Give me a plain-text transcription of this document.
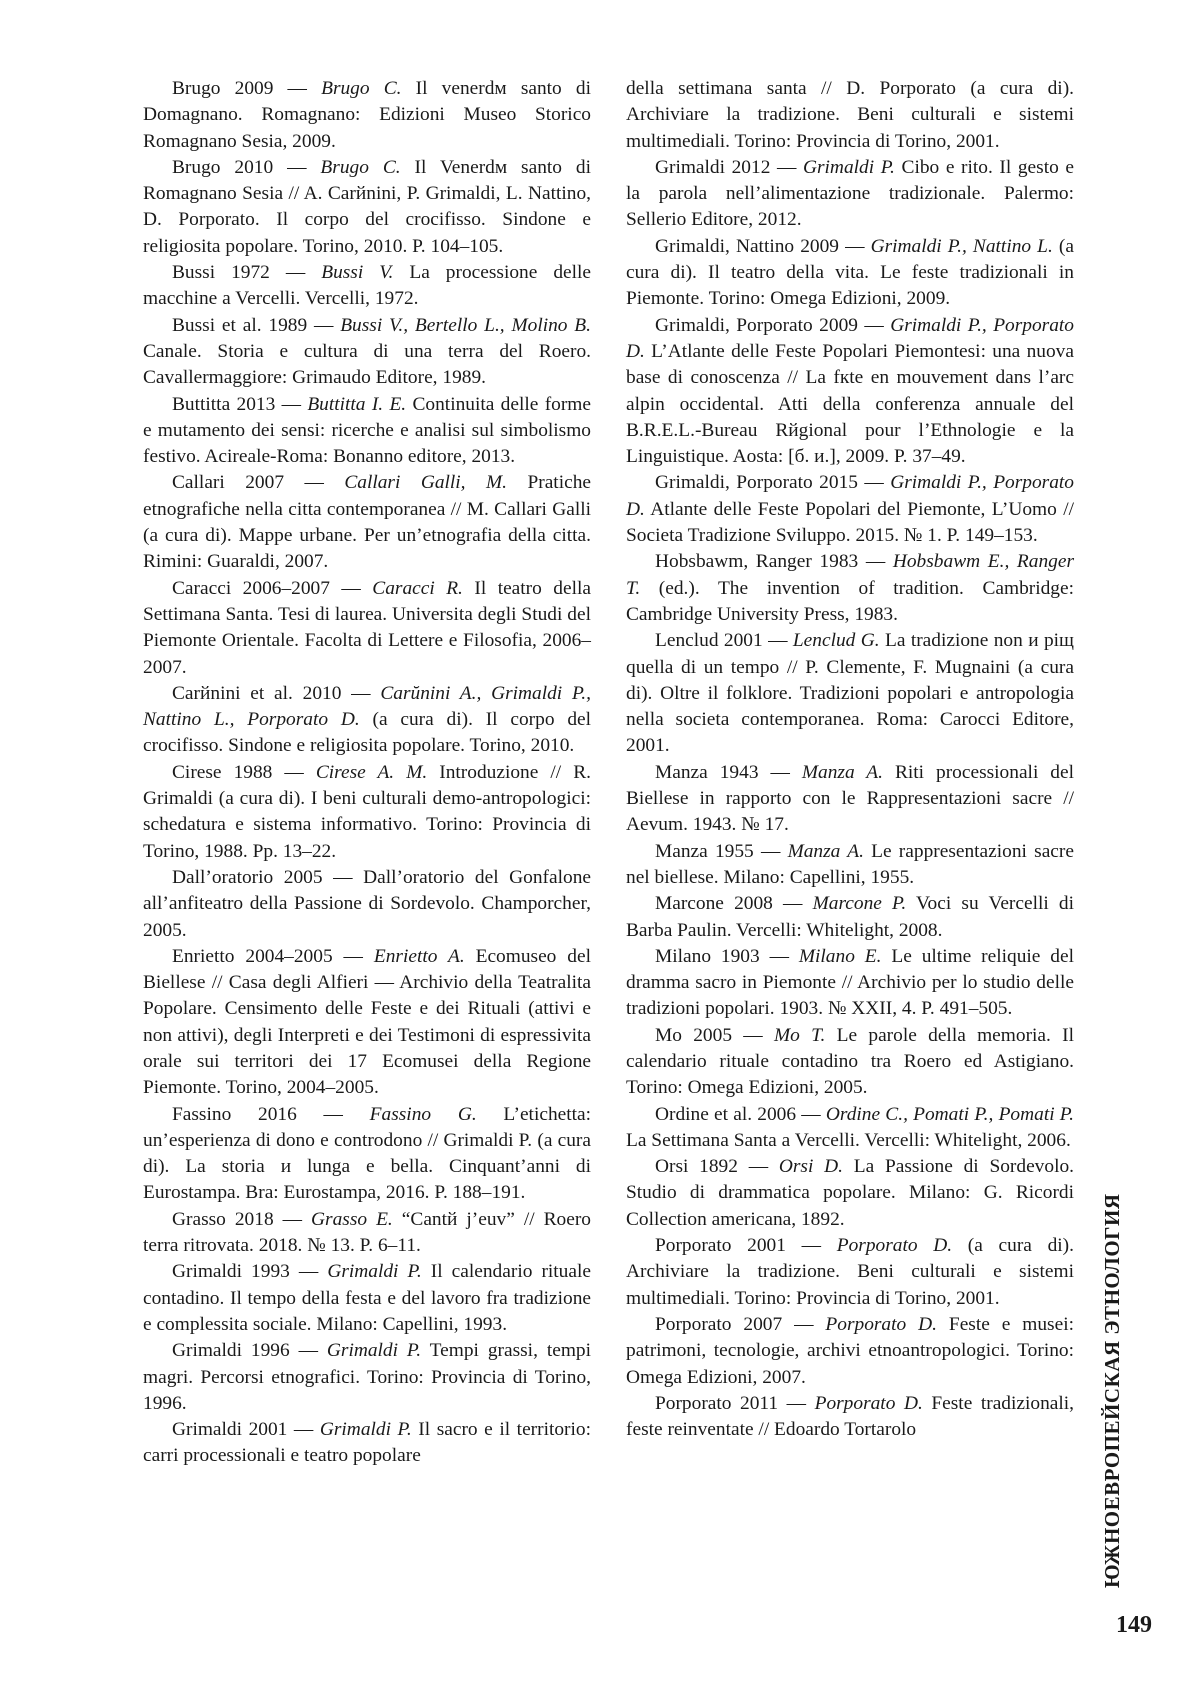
Brugo 2009 — Brugo C. Il venerdм santo di Domagnano. Romagnano: Edizioni Museo Storico Romagnano Sesia, 2009.

Brugo 2010 — Brugo C. Il Venerdм santo di Romagnano Sesia // A. Carйnini, P. Grimaldi, L. Nattino, D. Porporato. Il corpo del crocifisso. Sindone e religiosita popolare. Torino, 2010. P. 104–105.

Bussi 1972 — Bussi V. La processione delle macchine a Vercelli. Vercelli, 1972.

Bussi et al. 1989 — Bussi V., Bertello L., Molino B. Canale. Storia e cultura di una terra del Roero. Cavallermaggiore: Grimaudo Editore, 1989.

Buttitta 2013 — Buttitta I. E. Continuita delle forme e mutamento dei sensi: ricerche e analisi sul simbolismo festivo. Acireale-Roma: Bonanno editore, 2013.

Callari 2007 — Callari Galli, M. Pratiche etnografiche nella citta contemporanea // M. Callari Galli (a cura di). Mappe urbane. Per un’etnografia della citta. Rimini: Guaraldi, 2007.

Caracci 2006–2007 — Caracci R. Il teatro della Settimana Santa. Tesi di laurea. Universita degli Studi del Piemonte Orientale. Facolta di Lettere e Filosofia, 2006–2007.

Carйnini et al. 2010 — Carŭnini A., Grimaldi P., Nattino L., Porporato D. (a cura di). Il corpo del crocifisso. Sindone e religiosita popolare. Torino, 2010.

Cirese 1988 — Cirese A. M. Introduzione // R. Grimaldi (a cura di). I beni culturali demo-antropologici: schedatura e sistema informativo. Torino: Provincia di Torino, 1988. Pp. 13–22.

Dall’oratorio 2005 — Dall’oratorio del Gonfalone all’anfiteatro della Passione di Sordevolo. Champorcher, 2005.

Enrietto 2004–2005 — Enrietto A. Ecomuseo del Biellese // Casa degli Alfieri — Archivio della Teatralita Popolare. Censimento delle Feste e dei Rituali (attivi e non attivi), degli Interpreti e dei Testimoni di espressivita orale sui territori dei 17 Ecomusei della Regione Piemonte. Torino, 2004–2005.

Fassino 2016 — Fassino G. L’etichetta: un’esperienza di dono e controdono // Grimaldi P. (a cura di). La storia и lunga e bella. Cinquant’anni di Eurostampa. Bra: Eurostampa, 2016. P. 188–191.

Grasso 2018 — Grasso E. “Cantй j’euv” // Roero terra ritrovata. 2018. № 13. P. 6–11.

Grimaldi 1993 — Grimaldi P. Il calendario rituale contadino. Il tempo della festa e del lavoro fra tradizione e complessita sociale. Milano: Capellini, 1993.

Grimaldi 1996 — Grimaldi P. Tempi grassi, tempi magri. Percorsi etnografici. Torino: Provincia di Torino, 1996.

Grimaldi 2001 — Grimaldi P. Il sacro e il territorio: carri processionali e teatro popolare

della settimana santa // D. Porporato (a cura di). Archiviare la tradizione. Beni culturali e sistemi multimediali. Torino: Provincia di Torino, 2001.

Grimaldi 2012 — Grimaldi P. Cibo e rito. Il gesto e la parola nell’alimentazione tradizionale. Palermo: Sellerio Editore, 2012.

Grimaldi, Nattino 2009 — Grimaldi P., Nattino L. (a cura di). Il teatro della vita. Le feste tradizionali in Piemonte. Torino: Omega Edizioni, 2009.

Grimaldi, Porporato 2009 — Grimaldi P., Porporato D. L’Atlante delle Feste Popolari Piemontesi: una nuova base di conoscenza // La fкte en mouvement dans l’arc alpin occidental. Atti della conferenza annuale del B.R.E.L.-Bureau Rйgional pour l’Ethnologie e la Linguistique. Aosta: [б. и.], 2009. P. 37–49.

Grimaldi, Porporato 2015 — Grimaldi P., Porporato D. Atlante delle Feste Popolari del Piemonte, L’Uomo // Societa Tradizione Sviluppo. 2015. № 1. P. 149–153.

Hobsbawm, Ranger 1983 — Hobsbawm E., Ranger T. (ed.). The invention of tradition. Cambridge: Cambridge University Press, 1983.

Lenclud 2001 — Lenclud G. La tradizione non и piщ quella di un tempo // P. Clemente, F. Mugnaini (a cura di). Oltre il folklore. Tradizioni popolari e antropologia nella societa contemporanea. Roma: Carocci Editore, 2001.

Manza 1943 — Manza A. Riti processionali del Biellese in rapporto con le Rappresentazioni sacre // Aevum. 1943. № 17.

Manza 1955 — Manza A. Le rappresentazioni sacre nel biellese. Milano: Capellini, 1955.

Marcone 2008 — Marcone P. Voci su Vercelli di Barba Paulin. Vercelli: Whitelight, 2008.

Milano 1903 — Milano E. Le ultime reliquie del dramma sacro in Piemonte // Archivio per lo studio delle tradizioni popolari. 1903. № XXII, 4. P. 491–505.

Mo 2005 — Mo T. Le parole della memoria. Il calendario rituale contadino tra Roero ed Astigiano. Torino: Omega Edizioni, 2005.

Ordine et al. 2006 — Ordine C., Pomati P., Pomati P. La Settimana Santa a Vercelli. Vercelli: Whitelight, 2006.

Orsi 1892 — Orsi D. La Passione di Sordevolo. Studio di drammatica popolare. Milano: G. Ricordi Collection americana, 1892.

Porporato 2001 — Porporato D. (a cura di). Archiviare la tradizione. Beni culturali e sistemi multimediali. Torino: Provincia di Torino, 2001.

Porporato 2007 — Porporato D. Feste e musei: patrimoni, tecnologie, archivi etnoantropologici. Torino: Omega Edizioni, 2007.

Porporato 2011 — Porporato D. Feste tradizionali, feste reinventate // Edoardo Tortarolo	ЮЖНОЕВРОПЕЙСКАЯ ЭТНОЛОГИЯ
149
